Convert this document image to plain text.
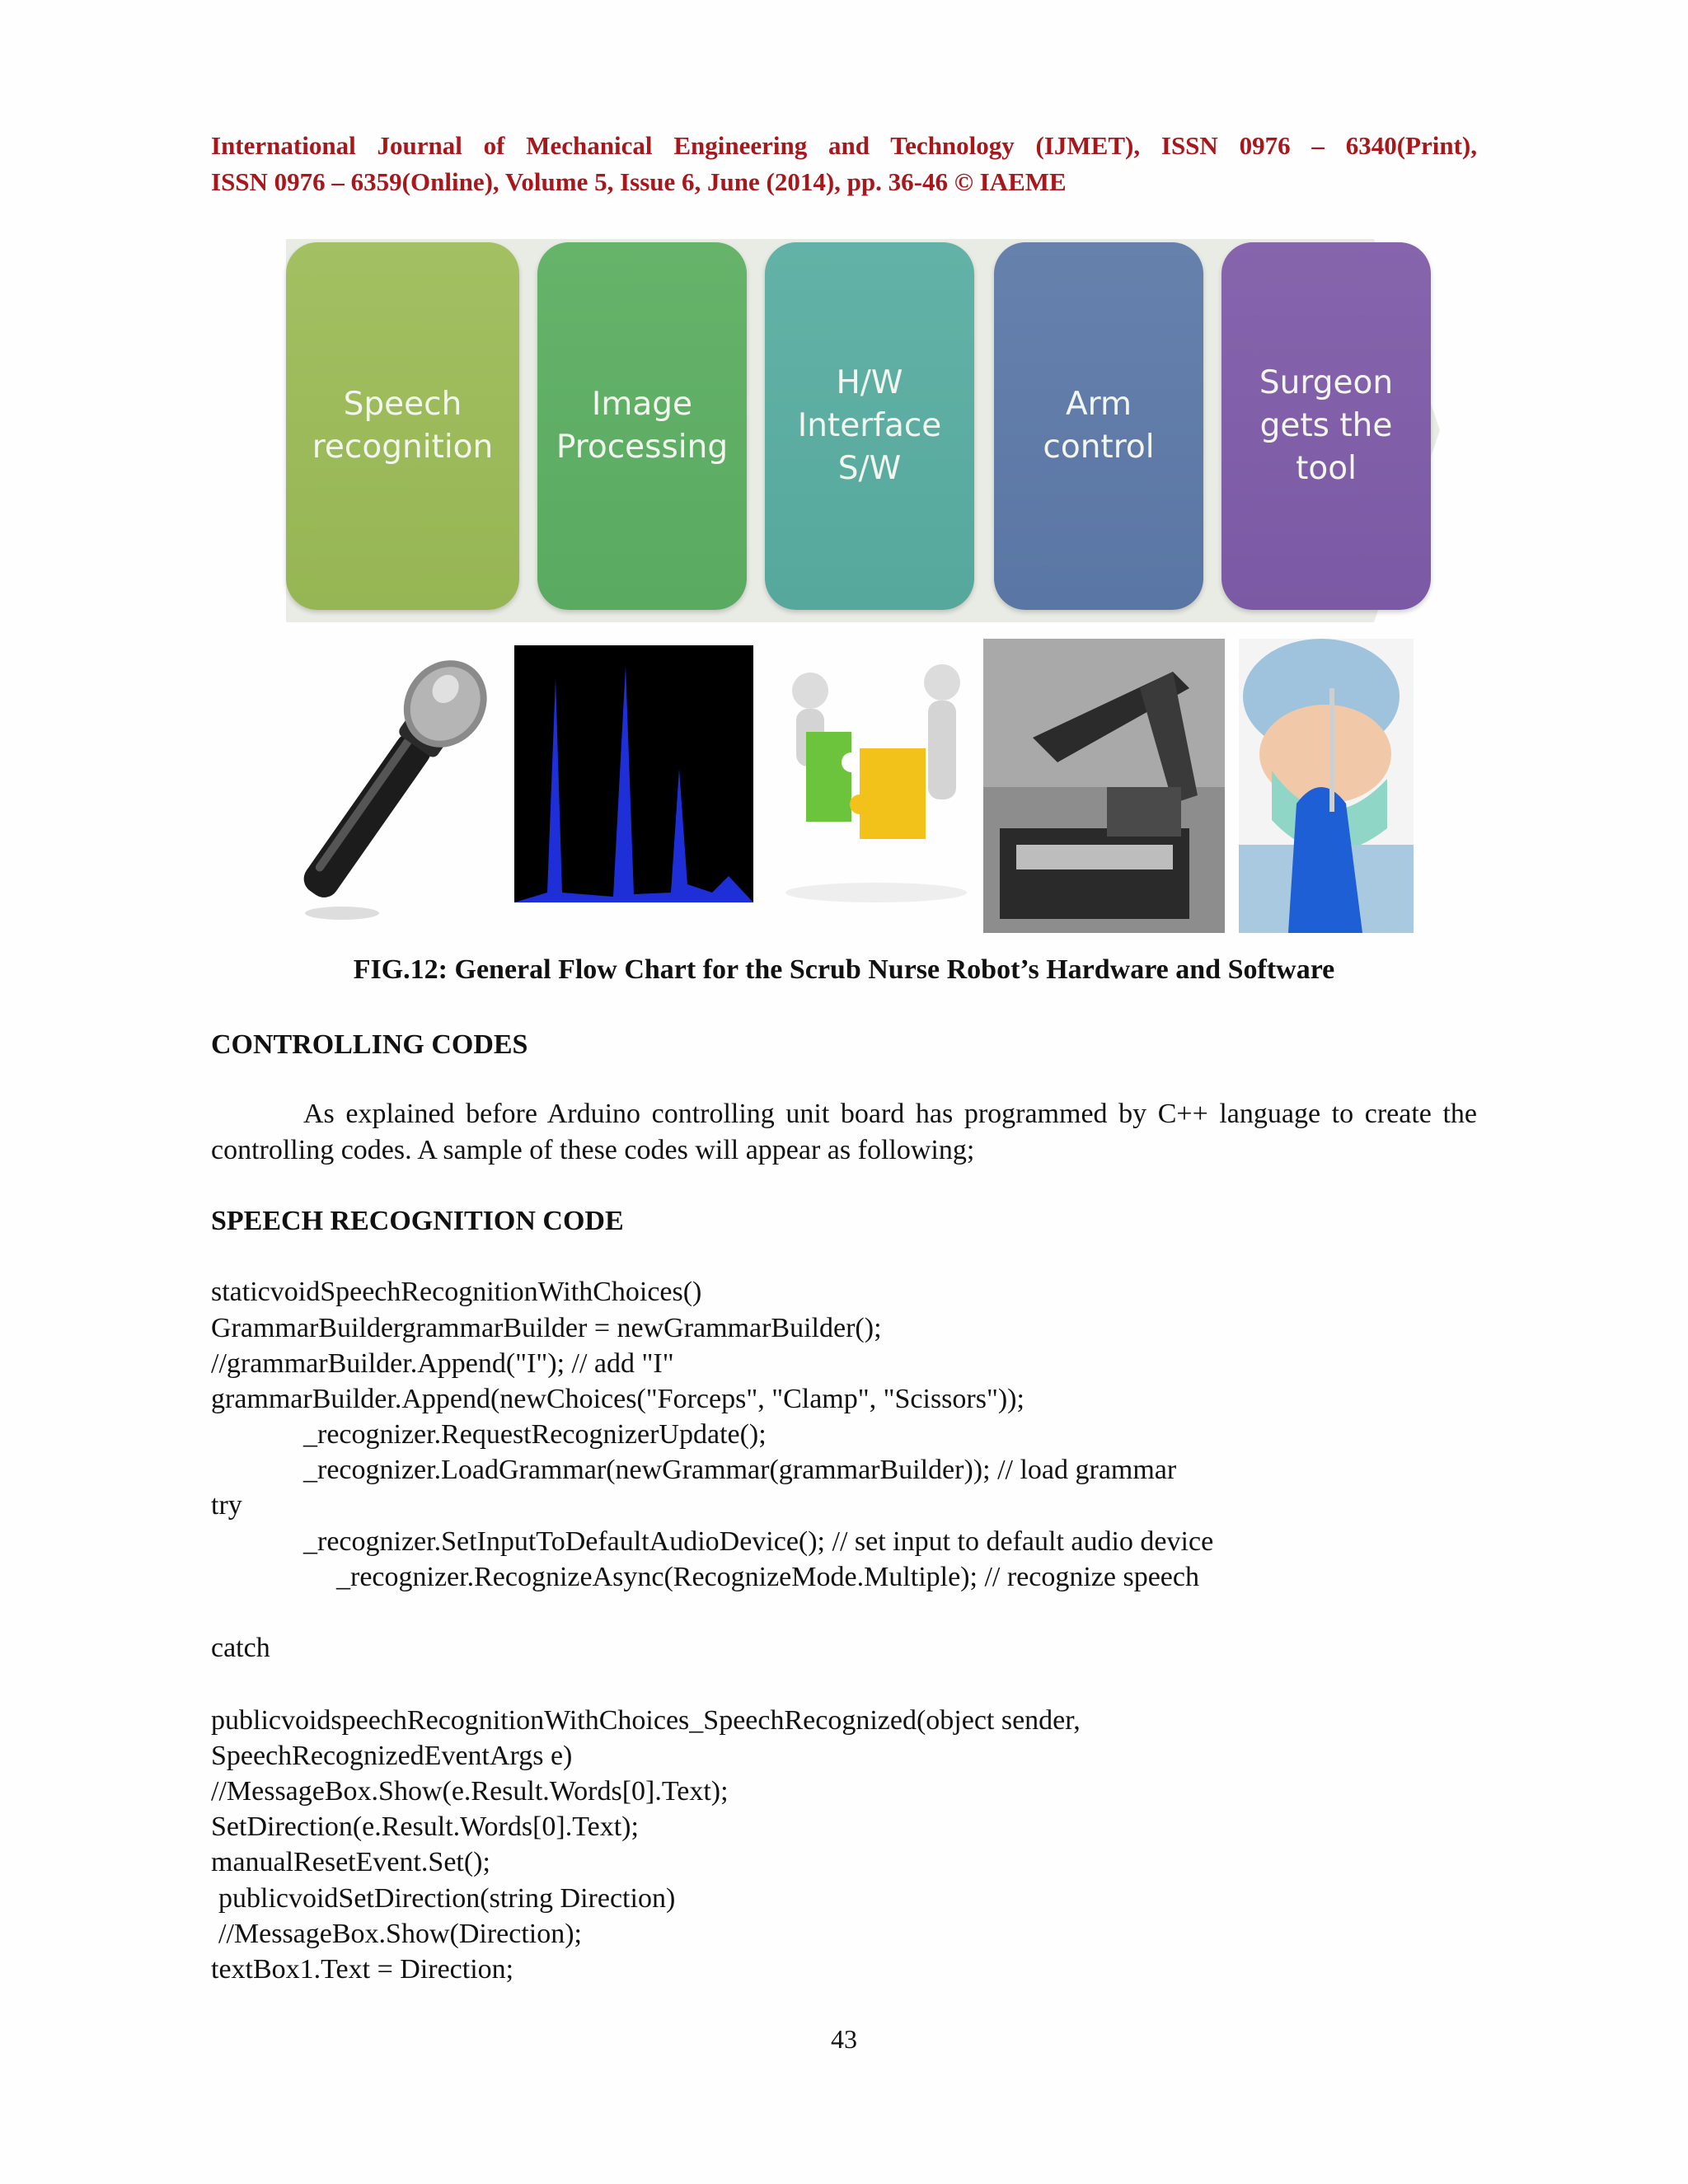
International Journal of Mechanical Engineering and Technology (IJMET), ISSN 0976 – 6340(Print),
ISSN 0976 – 6359(Online), Volume 5, Issue 6, June (2014), pp. 36-46 © IAEME
Speech
recognition
Image
Processing
H/W
Interface
S/W
Arm
control
Surgeon
gets the
tool
FIG.12: General Flow Chart for the Scrub Nurse Robot’s Hardware and Software
CONTROLLING CODES
As explained before Arduino controlling unit board has programmed by C++ language to create the controlling codes. A sample of these codes will appear as following;
SPEECH RECOGNITION CODE
staticvoidSpeechRecognitionWithChoices()
GrammarBuildergrammarBuilder = newGrammarBuilder();
//grammarBuilder.Append("I"); // add "I"
grammarBuilder.Append(newChoices("Forceps", "Clamp", "Scissors"));
_recognizer.RequestRecognizerUpdate();
_recognizer.LoadGrammar(newGrammar(grammarBuilder)); // load grammar
try
_recognizer.SetInputToDefaultAudioDevice(); // set input to default audio device
_recognizer.RecognizeAsync(RecognizeMode.Multiple); // recognize speech
catch
publicvoidspeechRecognitionWithChoices_SpeechRecognized(object sender,
SpeechRecognizedEventArgs e)
//MessageBox.Show(e.Result.Words[0].Text);
SetDirection(e.Result.Words[0].Text);
manualResetEvent.Set();
publicvoidSetDirection(string Direction)
//MessageBox.Show(Direction);
textBox1.Text = Direction;
43
